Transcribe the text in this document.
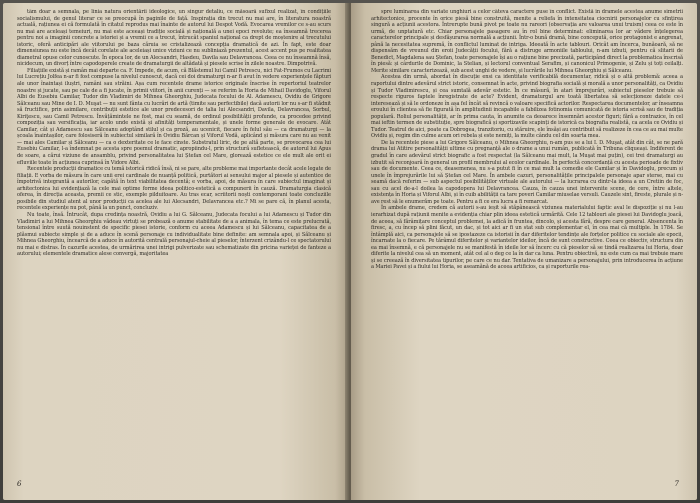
tâm doar a semnala, pe linia natura orientării ideologice, un singur detaliu, ce măsoară sufixul realizat, în condițiile socialismului, de genul literar ce se preocupă în paginile de față. Inspirația din trecut nu mai are, în literatura noastră actuală, rațiunea ei că formulată în citatul reprodus mai înainte de autorul lui Despot Vodă. Evocarea vremilor ce s-au scurs nu mai are aceleași temeiuri, nu mai este aceeași tradiție socială și națională a unei epoci revolute; ea înseamnă trecerea pentru noi a imaginii concrete a istoriei și a vremii ce a trecut, întrucât spaniul național ca drept de moștenire al trecutului istoric, oferă anticipări ale viitorului pe baza căruia se cristalizează concepția dramatică de azi. În fapt, este doar dimensiunea nu este încă decât corelate ale aceleiași unice viziuni ce nu subliniază prezentul, acest accent pus pe realitatea diametral opuse celor cunoscute. În epoca lor, de un Alecsandri, Hasdeu, Davila sau Delavrancea. Ceea ce nu înseamnă însă, nicidecum, un divorț între capodoperele create de dramaturgii de altădată și piesele scrise în zilele noastre. Dimpotrivă.

Filiațiile există și ramân mai departe ca. F. Impede, de acum, că Blăstemul lui Camil Petrescu, nici Fat-Frumos cu Lacrimi lui Lucrețiu Jolfea n-ar fi fost compuse la nivelul cunoscut, dacă cei doi dramaturgi n-ar fi avut în vedere experiențele făpturi ale unor înaintași iluștri, ramâni sau străini. Așa cum recentele drame istorice originale înscrise în repertoriul teatrelor noastre și jucate, sau pe cale de a fi jucate, în primii viitori, în anii curenți — se referim la Horia de Mihail Davidoglu, Viforul Albi de Eusebiu Camilar, Tudor din Vladimiri de Mihnea Gheorghiu, Judecata focului de Al. Adamescu, Ovidiu de Grigore Sălceanu sau Mine de I. D. Muşat — nu sunt fânta cu lucrări de artă (timite sau perfectibile) dacă autorii lor nu s-ar fi stădnit să fructifice, prin asimilare, contribuții estetice ale unor predecesori de talia lui Alecsandri, Davila, Delavrancea, Sorbul, Kiriţescu, sau Camil Petrescu. Învățămintele ne fost, mai cu seamă, de ordinul posibilității profunde, ca procedee privind compoziția sau versificația, iar acolo unde există și afinități temperamentale, și unele forme generale de evocare. Atât Camilar, cât și Adamescu sau Sălceanu adoptând stilul și ca proză, au ucenicit, fiecare în felul său — ca dramaturgi — la școala înaintașilor, care folosiseră în subiectul similară în Ovidiu Bărcan și Viforul Vodă, aplicând și măsura care nu au venit — mai ales Camilar și Sălceanu — ca o dexteritate ce le face cinste. Substratul liric, de pe altă parte, se provocarea cea lui Eusebiu Camilar, l-a îndemnat pe acesta spre poemul dramatic, apropiindu-l, prin structură sufletească, de autorul lui Apus de soare, a cărui viziune de ansamblu, privind personalitatea lui Ștefan cel Mare, glorează estetice ce ele mult ale orit ei efluviile toate în acțiunea cuprinsă în Vidore Albi.

Recentele producții dramatice cu temă istorică ridică însă, ni se pare, alte probleme mai importante decât acele legate de filiații. E vorba de măsura în care unii erei cardinale de nuanță politică, purtători ai sensului major al piesele și autentice de împotrivă integrantă a autorilor, capătă în text viabilitatea decentă; e vorba, apoi, de măsura în care subiectul imaginat și arhitectonica lui evidențiază la cele mai optime forme ideea politico-estetică a compunerii în cauză. Dramaturgia clasică oferea, în direcția aceasta, premii ce stic, exemple pilduitoare. Au tras ecar, scriitorii noști contemporani toate concluziile posibile din studiul atent al unor producții ca acelea ale lui Alecsandri, Delavrancea etc.? Mi se pare că, în planul acesta, recentele experiențe nu pot, până la un punct, concluziv.

Nu toate, însă. Întrucât, dupa credința noastră, Ovidiu a lui G. Sălceanu, Judecata focului a lui Adamescu și Tudor din Vladimiri a lui Mihnea Gheorghiu vădeau virtuți se probează o anume stabilitate de a a animala, în tema ce este prelucrată, tensional între suută nouinstent de specific piesei istorie, conform cu aceea Adamescu și lui Sălceanu, capacitatea de a plăsmui subiecte simple și de a aduce în scenă personaje cu individualitate bine definite: am semnala apoi, și Sălceanu și Mihnea Gheorghiu, încearcă de a aduce în autorită centrală personajul-cheie al pieselor, înterzent crizându-l ce spectatorului nu mai e distras. În cazurile acestea, de urmărirea unei intrigi pulverizate sau schematizate din pricina varieței de fanteze a autorului; elementele dramatice alese convergă, majoritatea

6

spre luminarea din variate unghiuri a celor câteva caractere puse în conflict. Există în dramele acestea anume simetrii arhitectonice, procente în orice piesă bine construită, menite a reliefa în intensitatea ciocnirii personajelor cu sfințirea singură a acțiunii acestora. Întrerupte bună pivot pe toate nu rareori (observația are valoarea unui truism) ceea ce este în urmă, de unptatură etc. Chiar personajele pasagere au în rol bine determinat: eliminarea lor ar vădere înțelegerea caracterelor principale și desfășurarea normală a acțiunii. Într-o bună dramă, bine concepută, orice protagonist e angrenat, până la necesitatea supremă, în conflictul luminat de intriga. Ideeată în acte tablouri. Oricât am încerca, bunăoară, să ne dispensăm de vreunul din eroii Judecății focului, fără a distruge armoniile tabloului, n-am izbuti, pentru că slitarii de Benedict, Magdalena sau Ștefan, toate personajele își au o rațiune bine precizată, participând direct la problematica înscrisă în piesă: și cârdurile de Dominic, la Stelian, și lectorul conventual Serafim, și canonicul Primogenie, și Zelu și toți ceilalți. Merite similare caracterizează, sub acest unghi de vedere, și lucrările lui Mihnea Gheorghiu și Sălceanu.

Acestea din urmă, abordat în discuție ensi ca identitate verificabilă documentar, ridică și o altă problemă: aceea a raportului dintre adevărul strict istoric, consemnat în acte, privind biografia socială și morală a unor personalități, ca Ovidiu și Tudor Vladimirescu, și cea sumtală adevăr estetic. În ce măsură, în atari împrejurări, subiectul pieselor trebuie să respecte riguros faptele înregistrate de acte? Evident, dramaturgul are toată libertatea să selecționeze datele ce-i interesează și să le ordoneze în așa fel încât să revincă o valoare specifică actorilor. Respectarea documentelor, ar înseamna eroului în clientea să fie figurată în amplitudinii incapabile a fabilizea fotinomia comunicată de istoria scrisă sau de tradiția populară. Roliul personalității, ar în prima cauta, în anumite ca deoarece însemnări acestor figuri; fără a contrazice, în cel mai ieftin termen de substituție, spre biografică și sportizavile scapinți de istorică ca biografia realistă, ca acela ce Ovidiu și Tudor. Teatrul de aici, poate ca Dobrogea, tranzitoriu, cu stăruire, ele însăși au contribuit să realizeze în cea ce au mai multe Ovidiu și, regim din culme acum ori rebela și este nemiți, la multe cându cel din soarta mea.

De la recentele piese a lui Grigore Sălceanu, o Mihnea Gheorghiu, n-am pus se a lui I. D. Muşat, atât din cât, se ne pară drama lui Atitire personalității ultime cu pregnanță ale o drame a unui rumân, publicată în Tribuna cliqueași. Indiferent de gradul în care adevărul strict biografic a fost respectat (la Sălceanu mai mult, la Muşat mai puțin), cei trei dramaturgi au izbutit să reconjoară în general un profil membrului al ecolor cardinale. În perfectă concordanță cu acesta perioade de fixtiv sau de documente. Ceea ce, deasemenea, nu s-a putut fi în ce mai mult la comedie ele Camilar și în Davidoglu, precum și unele în împrejurările lui să Ștefan cel Mare. În ambele cazuri, personalitățile principalele personaje apar sterse, mai cu seamă dacă referim — sub aspectul posibilităților virtuale ale autorului — la lucrarea cu dintr-la ideea a un Cretiin de foc, sau cu acel de-a-l doilea la capodopera lui Delavrancea. Cauza, în cauza unei intervenite scene, de cere, între altele, existența în Horia și Viforul Albi, și în cuib abilității ca tare poveri Camilar miuselae versuli. Cauzele sint, fireste, plurale și n-ave rest să le enumerăm pe toate. Pentru a fi ce era lucra a fi remarcat.

În ambele drame, credem că autorii s-au ieșit să stăpânească viziunea materialului faptic aval le dispoziție și nu l-au ierarhizat după rațiunii menite a evidenția chiar plin ideea estetică urmărită. Cele 12 tablouri ale piesei lui Davidoglu joacă, de aceea, să fărâmițare conceptul problemei, la adică în fruntea, dincolo, și acesta fără, despre care general. Absencenta în firesc, a, cu încep să plini făcut, un dac, și tot aici ar fi un stat sub complementar el, în cea mai că multiple. În 1784. Se întâmplă aici, ca personajele să se ipostazeze ca istorisii în dar diferitelor tendințe ale forțelor politice cu sociale ale epocii, încarnate la o fiecare. Pe tărâmul diferitelor și variantelor ideilor, încă de sunt constructive. Ceea ce obiectiv, structura din ea mai însemnă, e că personajele nu se manifestă în ideile lor să încerc cu că pieselor să se tindă realizarea lui Horia, doar diferite la nivelul cea să un moment, atât cel al o deg ce la în dar ca luna. Pentru obiectivă, nu este cum ca mai trebuie mare și se creează în diversitatea tipurilor, pe care ce nu dar. Tentativa de umanizare a personajului, prin introducerea în acțiune a Mariei Pavei și a fiului lui Horia, se aseamănă de aceea artificios, ca și raporturile rea-

7
